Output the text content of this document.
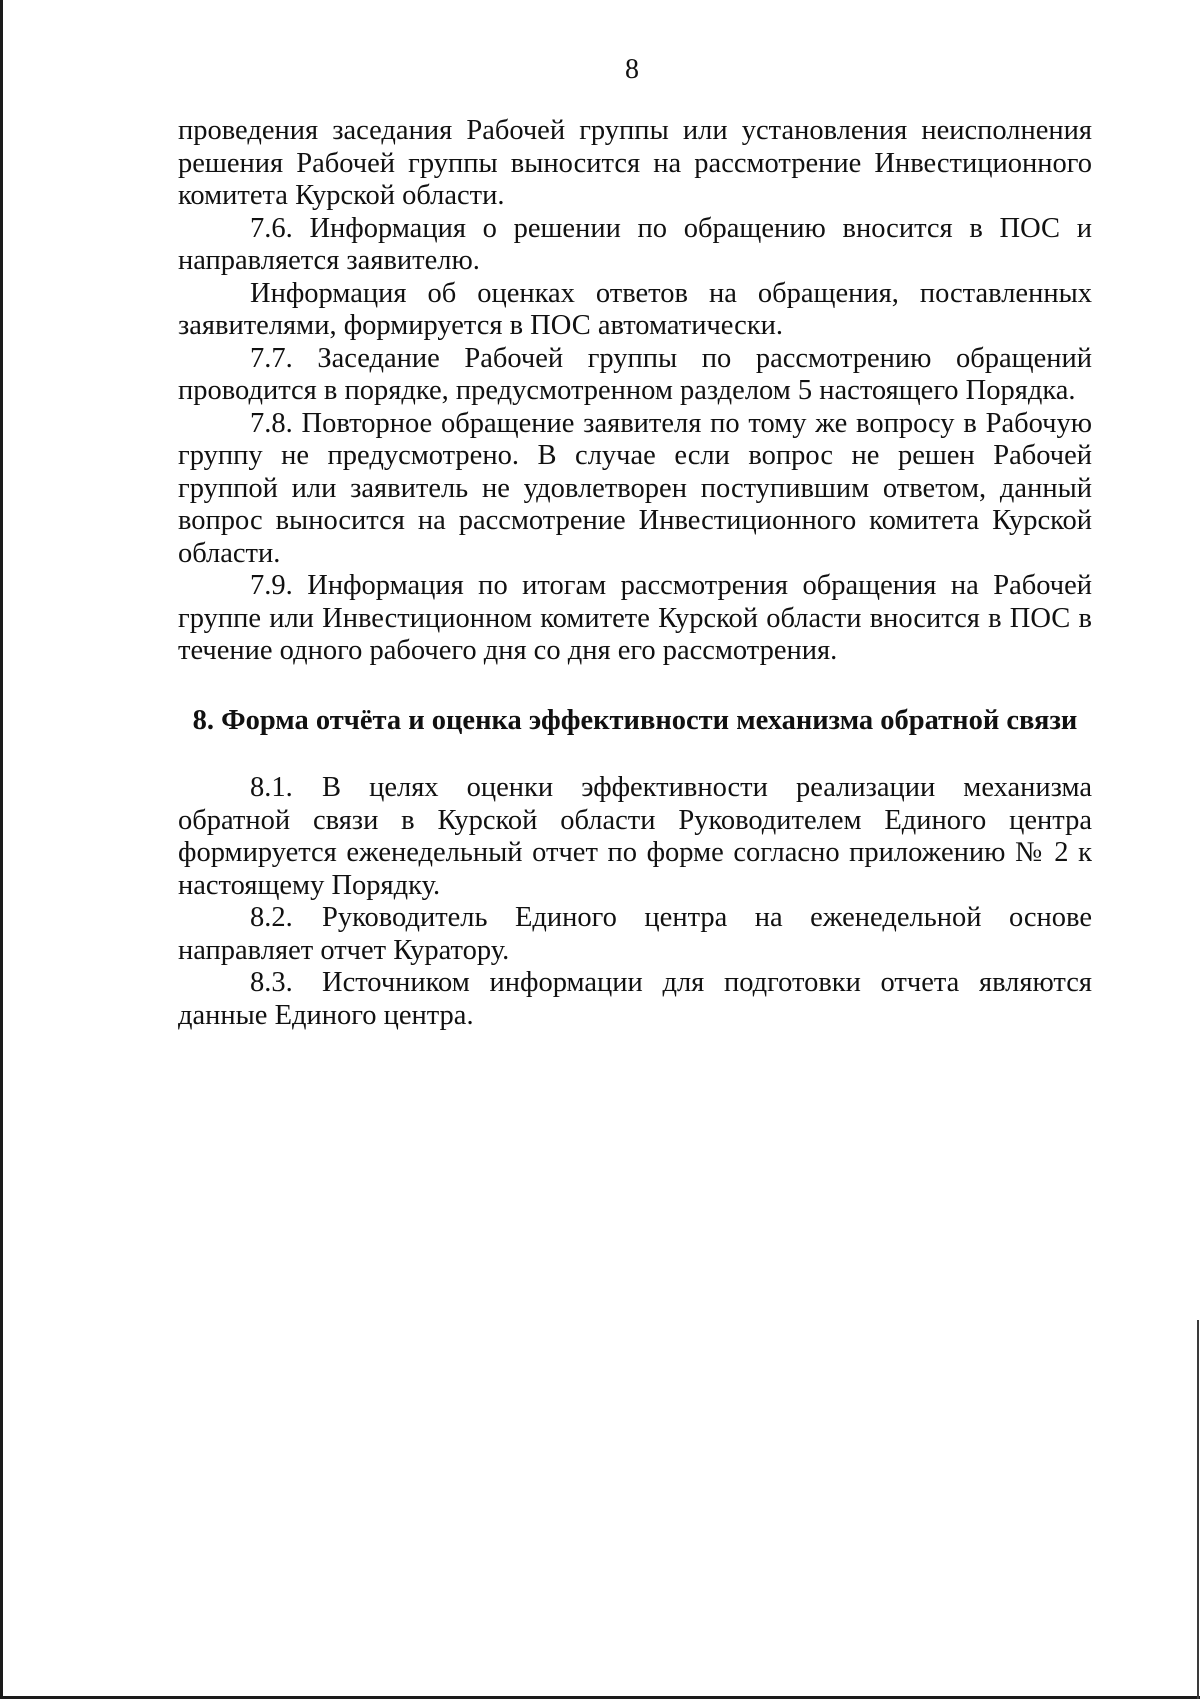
8

проведения заседания Рабочей группы или установления неисполнения решения Рабочей группы выносится на рассмотрение Инвестиционного комитета Курской области.

7.6. Информация о решении по обращению вносится в ПОС и направляется заявителю.

Информация об оценках ответов на обращения, поставленных заявителями, формируется в ПОС автоматически.

7.7. Заседание Рабочей группы по рассмотрению обращений проводится в порядке, предусмотренном разделом 5 настоящего Порядка.

7.8. Повторное обращение заявителя по тому же вопросу в Рабочую группу не предусмотрено. В случае если вопрос не решен Рабочей группой или заявитель не удовлетворен поступившим ответом, данный вопрос выносится на рассмотрение Инвестиционного комитета Курской области.

7.9. Информация по итогам рассмотрения обращения на Рабочей группе или Инвестиционном комитете Курской области вносится в ПОС в течение одного рабочего дня со дня его рассмотрения.

8. Форма отчёта и оценка эффективности механизма обратной связи

8.1. В целях оценки эффективности реализации механизма обратной связи в Курской области Руководителем Единого центра формируется еженедельный отчет по форме согласно приложению № 2 к настоящему Порядку.

8.2. Руководитель Единого центра на еженедельной основе направляет отчет Куратору.

8.3. Источником информации для подготовки отчета являются данные Единого центра.
